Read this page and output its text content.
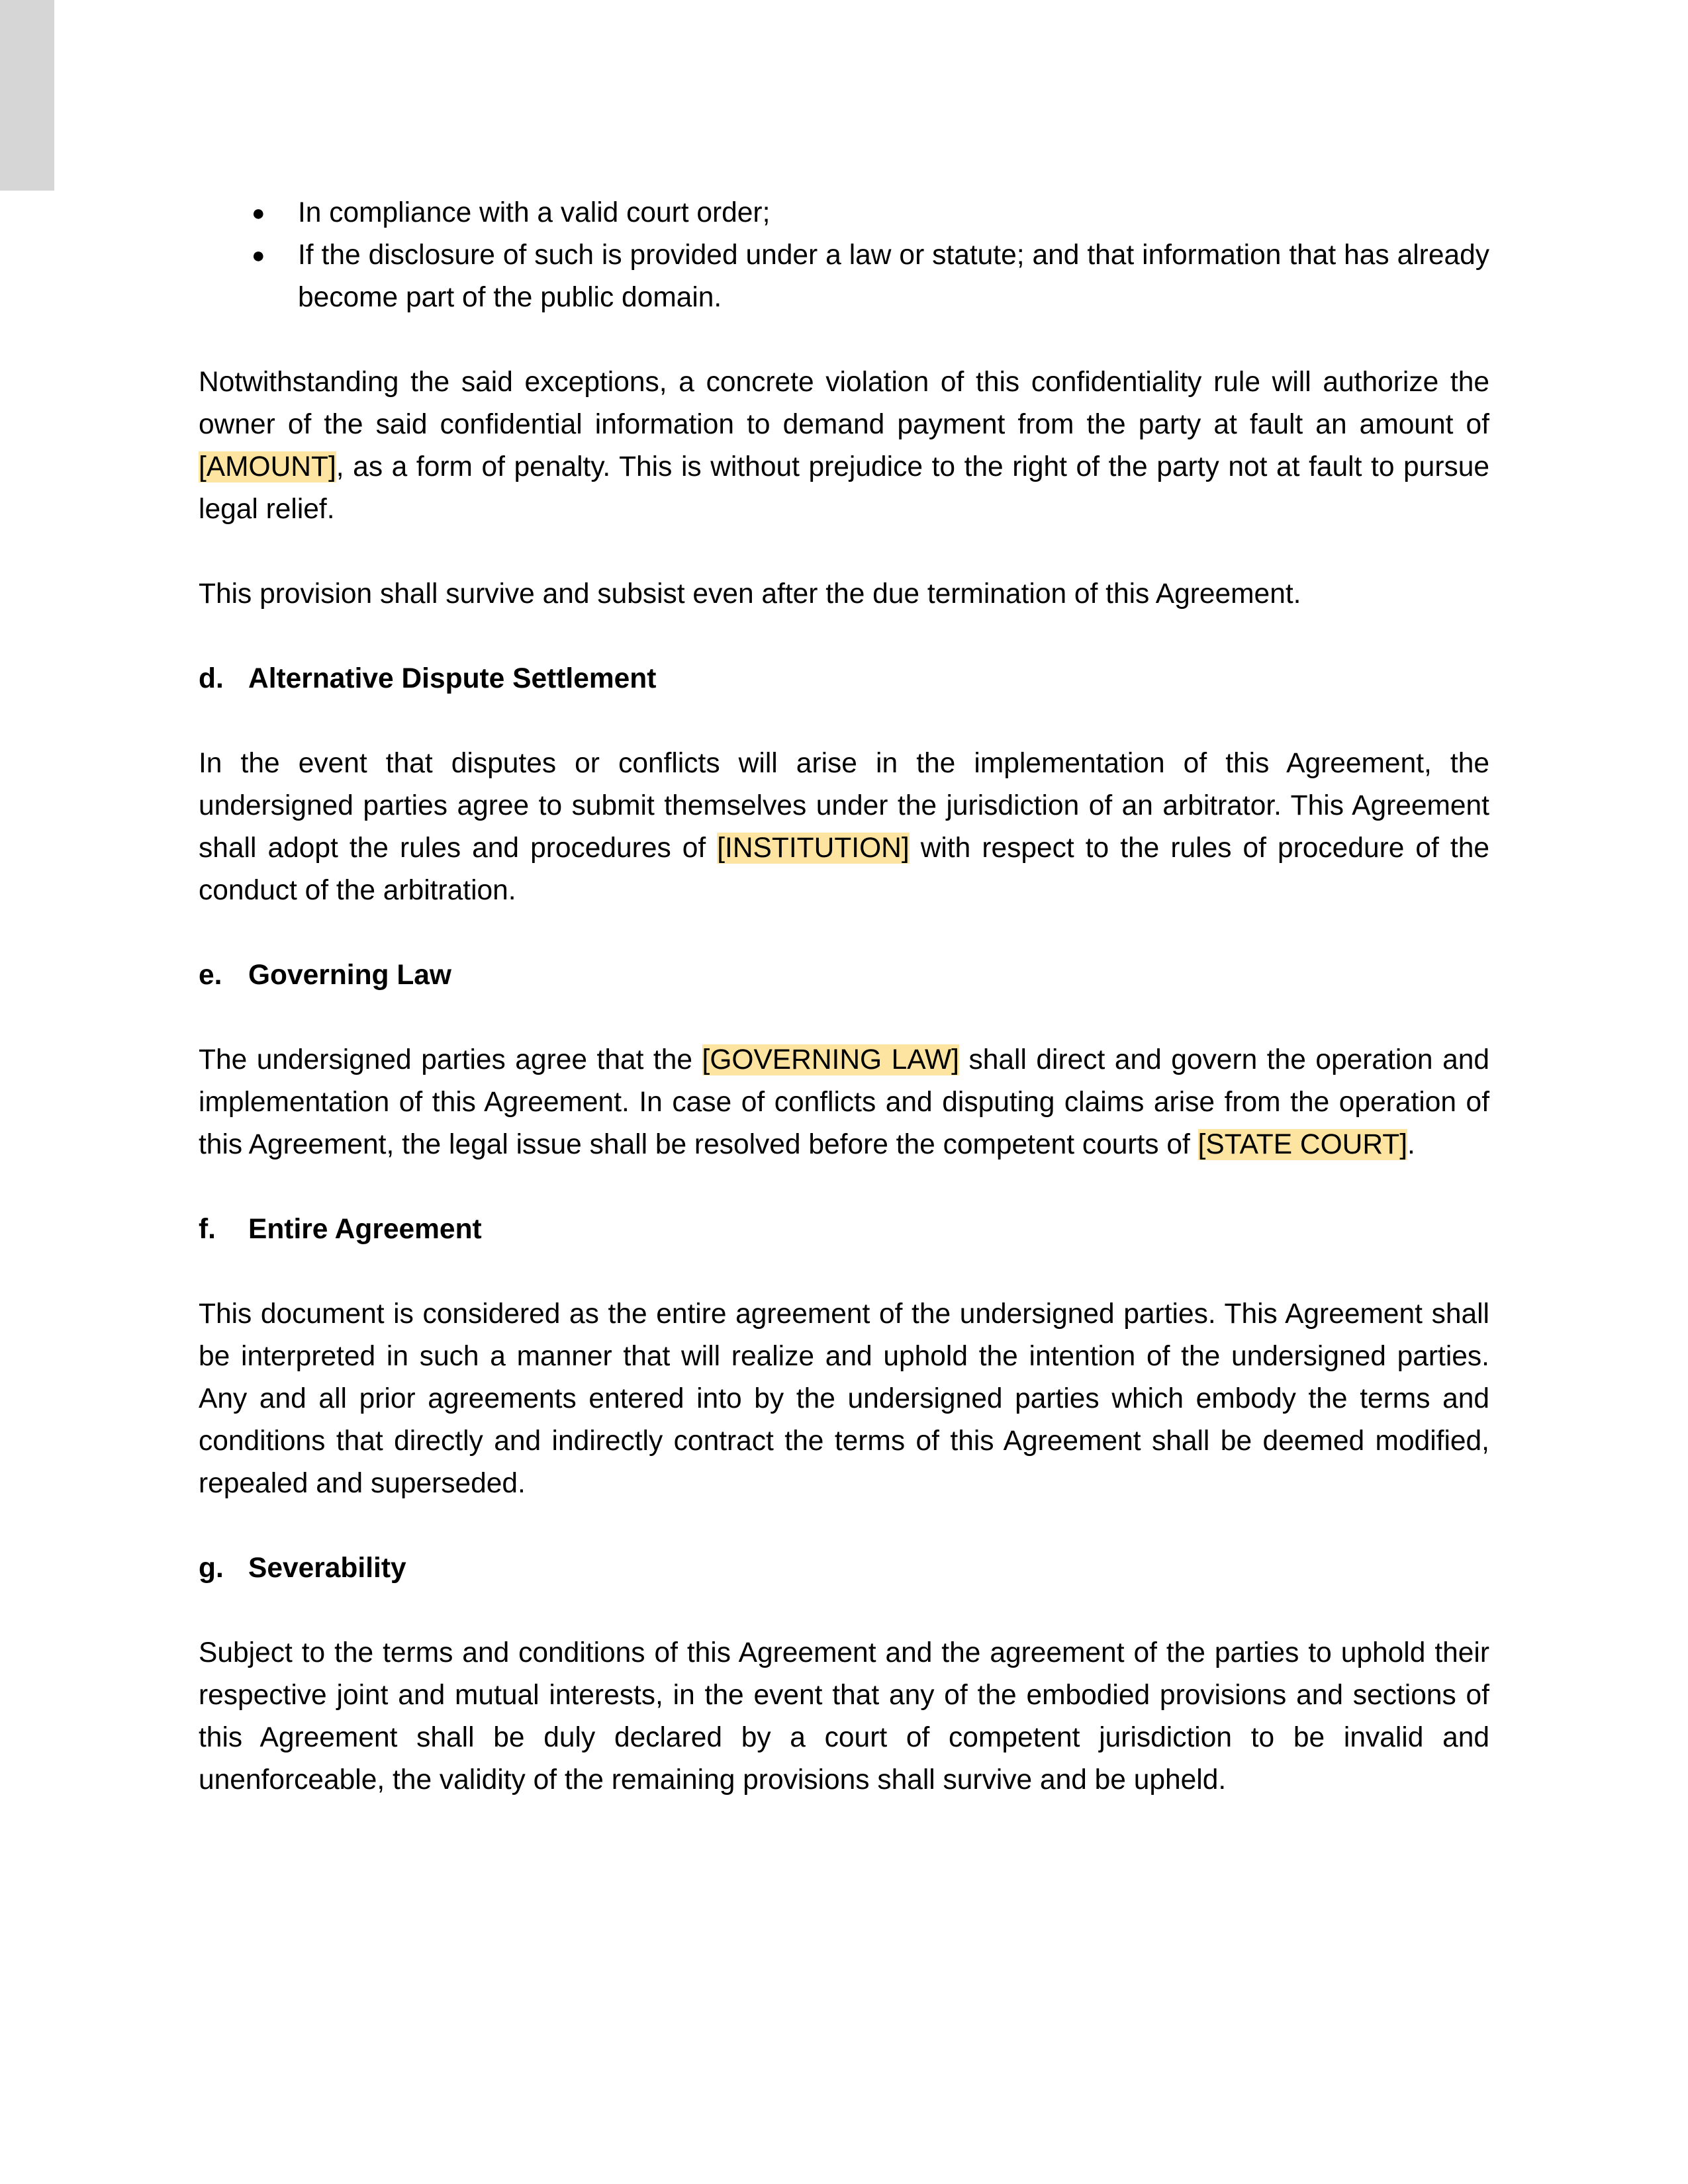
● In compliance with a valid court order;
● If the disclosure of such is provided under a law or statute; and that information that has already become part of the public domain.

Notwithstanding the said exceptions, a concrete violation of this confidentiality rule will authorize the owner of the said confidential information to demand payment from the party at fault an amount of [AMOUNT], as a form of penalty. This is without prejudice to the right of the party not at fault to pursue legal relief.

This provision shall survive and subsist even after the due termination of this Agreement.

d. Alternative Dispute Settlement

In the event that disputes or conflicts will arise in the implementation of this Agreement, the undersigned parties agree to submit themselves under the jurisdiction of an arbitrator. This Agreement shall adopt the rules and procedures of [INSTITUTION] with respect to the rules of procedure of the conduct of the arbitration.

e. Governing Law

The undersigned parties agree that the [GOVERNING LAW] shall direct and govern the operation and implementation of this Agreement. In case of conflicts and disputing claims arise from the operation of this Agreement, the legal issue shall be resolved before the competent courts of [STATE COURT].

f.	Entire Agreement

This document is considered as the entire agreement of the undersigned parties. This Agreement shall be interpreted in such a manner that will realize and uphold the intention of the undersigned parties. Any and all prior agreements entered into by the undersigned parties which embody the terms and conditions that directly and indirectly contract the terms of this Agreement shall be deemed modified, repealed and superseded.

g. Severability

Subject to the terms and conditions of this Agreement and the agreement of the parties to uphold their respective joint and mutual interests, in the event that any of the embodied provisions and sections of this Agreement shall be duly declared by a court of competent jurisdiction to be invalid and unenforceable, the validity of the remaining provisions shall survive and be upheld.
